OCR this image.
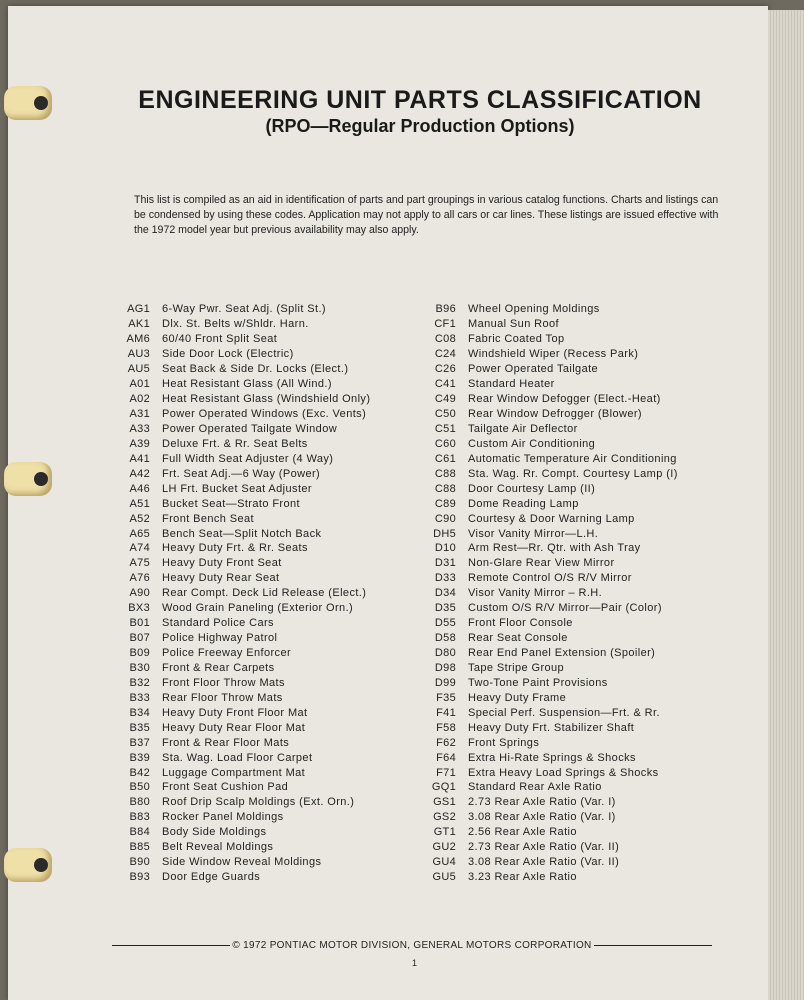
ENGINEERING UNIT PARTS CLASSIFICATION
(RPO—Regular Production Options)
This list is compiled as an aid in identification of parts and part groupings in various catalog functions. Charts and listings can be condensed by using these codes. Application may not apply to all cars or car lines. These listings are issued effective with the 1972 model year but previous availability may also apply.
AG1	6-Way Pwr. Seat Adj. (Split St.)
AK1	Dlx. St. Belts w/Shldr. Harn.
AM6	60/40 Front Split Seat
AU3	Side Door Lock (Electric)
AU5	Seat Back & Side Dr. Locks (Elect.)
A01	Heat Resistant Glass (All Wind.)
A02	Heat Resistant Glass (Windshield Only)
A31	Power Operated Windows (Exc. Vents)
A33	Power Operated Tailgate Window
A39	Deluxe Frt. & Rr. Seat Belts
A41	Full Width Seat Adjuster (4 Way)
A42	Frt. Seat Adj.—6 Way (Power)
A46	LH Frt. Bucket Seat Adjuster
A51	Bucket Seat—Strato Front
A52	Front Bench Seat
A65	Bench Seat—Split Notch Back
A74	Heavy Duty Frt. & Rr. Seats
A75	Heavy Duty Front Seat
A76	Heavy Duty Rear Seat
A90	Rear Compt. Deck Lid Release (Elect.)
BX3	Wood Grain Paneling (Exterior Orn.)
B01	Standard Police Cars
B07	Police Highway Patrol
B09	Police Freeway Enforcer
B30	Front & Rear Carpets
B32	Front Floor Throw Mats
B33	Rear Floor Throw Mats
B34	Heavy Duty Front Floor Mat
B35	Heavy Duty Rear Floor Mat
B37	Front & Rear Floor Mats
B39	Sta. Wag. Load Floor Carpet
B42	Luggage Compartment Mat
B50	Front Seat Cushion Pad
B80	Roof Drip Scalp Moldings (Ext. Orn.)
B83	Rocker Panel Moldings
B84	Body Side Moldings
B85	Belt Reveal Moldings
B90	Side Window Reveal Moldings
B93	Door Edge Guards
B96	Wheel Opening Moldings
CF1	Manual Sun Roof
C08	Fabric Coated Top
C24	Windshield Wiper (Recess Park)
C26	Power Operated Tailgate
C41	Standard Heater
C49	Rear Window Defogger (Elect.-Heat)
C50	Rear Window Defrogger (Blower)
C51	Tailgate Air Deflector
C60	Custom Air Conditioning
C61	Automatic Temperature Air Conditioning
C88	Sta. Wag. Rr. Compt. Courtesy Lamp (I)
C88	Door Courtesy Lamp (II)
C89	Dome Reading Lamp
C90	Courtesy & Door Warning Lamp
DH5	Visor Vanity Mirror—L.H.
D10	Arm Rest—Rr. Qtr. with Ash Tray
D31	Non-Glare Rear View Mirror
D33	Remote Control O/S R/V Mirror
D34	Visor Vanity Mirror – R.H.
D35	Custom O/S R/V Mirror—Pair (Color)
D55	Front Floor Console
D58	Rear Seat Console
D80	Rear End Panel Extension (Spoiler)
D98	Tape Stripe Group
D99	Two-Tone Paint Provisions
F35	Heavy Duty Frame
F41	Special Perf. Suspension—Frt. & Rr.
F58	Heavy Duty Frt. Stabilizer Shaft
F62	Front Springs
F64	Extra Hi-Rate Springs & Shocks
F71	Extra Heavy Load Springs & Shocks
GQ1	Standard Rear Axle Ratio
GS1	2.73 Rear Axle Ratio (Var. I)
GS2	3.08 Rear Axle Ratio (Var. I)
GT1	2.56 Rear Axle Ratio
GU2	2.73 Rear Axle Ratio (Var. II)
GU4	3.08 Rear Axle Ratio (Var. II)
GU5	3.23 Rear Axle Ratio
© 1972 PONTIAC MOTOR DIVISION, GENERAL MOTORS CORPORATION
1
